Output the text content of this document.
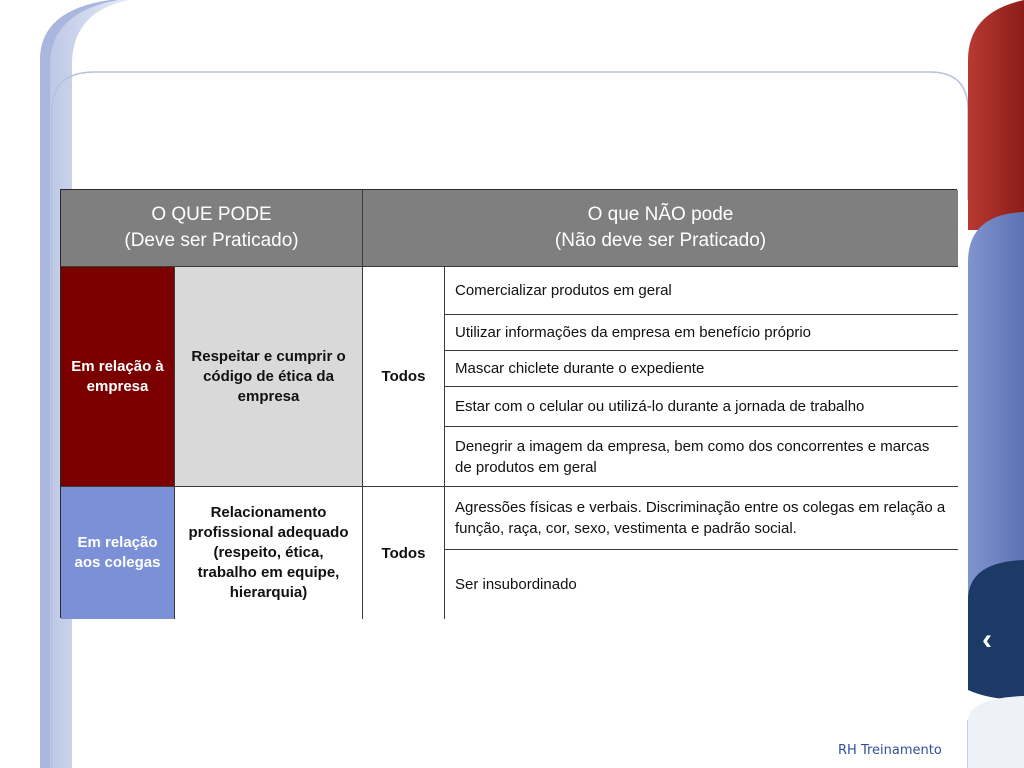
O QUE PODE
(Deve ser Praticado)
O que NÃO pode
(Não deve ser Praticado)
Em relação à empresa
Respeitar e cumprir o código de ética da empresa
Todos
Comercializar produtos em geral
Utilizar informações da empresa em benefício próprio
Mascar chiclete durante o expediente
Estar com o celular ou utilizá-lo durante a jornada de trabalho
Denegrir a imagem da empresa, bem como dos concorrentes e marcas de produtos em geral
Em relação aos colegas
Relacionamento profissional adequado (respeito, ética, trabalho em equipe, hierarquia)
Todos
Agressões físicas e verbais. Discriminação entre os colegas em relação a função, raça, cor, sexo, vestimenta e padrão social.
Ser insubordinado
‹
RH Treinamento
